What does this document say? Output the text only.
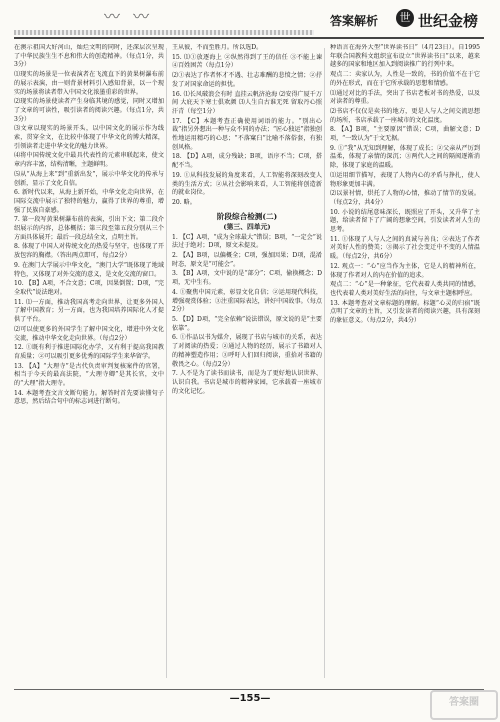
〰 〰	答案解析	世 世纪金榜

在澳示祖国大好河山，灿烂文明的同时，还深层次呈现了中华民族生生不息和伟大的创造精神。（每点1分，共3分）

⑴现实的场景是一位表演者在飞流直下的黄果树瀑布前的展示表演，由一则背景材料引入感知背景，以一个现实的场景将读者带入中国文化浓墨重彩的世界。

⑵现实的场景使读者产生身临其境的感觉，同时又增加了文章的可读性，吸引读者的阅读兴趣。（每点1分，共3分）

⑶文章以现实的场景开头，以中国文化的展示作为线索，贯穿全文，在比较中体现了中华文化的博大精深，引领读者走进中华文化的魅力世界。

⑷将中国传统文化中最具代表性的元素串联起来，使文章内容丰富，结构清晰，主题鲜明。

⑸从“从海上来”到“重新出发”，展示中华文化的传承与创新，显示了文化自信。

6. 新时代以来，从海上新开始，中华文化走向世界，在国际交流中展示了独特的魅力，赢得了世界的尊重，增强了民族自豪感。

7. 第一段写黄果树瀑布前的表演，引出下文；第二段介绍展示的内容，总体概括；第三段至第五段分别从三个方面具体展开；最后一段总结全文，点明主旨。

8. 体现了中国人对传统文化的热爱与坚守，也体现了开放包容的胸襟。（答出两点即可，每点2分）

9. 在澳门大学展示中华文化，“澳门大学”既体现了地域特色，又体现了对外交流的意义，是文化交流的窗口。

10. 【B】A项，不合文意；C项，因果倒置；D项，“完全取代”说法绝对。

11. ⑴一方面，推动我国高考走向世界，让更多外国人了解中国教育；另一方面，也为我国培养国际化人才提供了平台。

⑵可以使更多的外国学生了解中国文化，增进中外文化交流，推动中华文化走向世界。（每点2分）

12. ①既有利于推进国际化办学，又有利于提高我国教育质量；②可以吸引更多优秀的国际学生来华留学。

13. 【A】“大理寺”是古代负责审判复核案件的官署，相当于今天的最高法院，“大理寺卿”是其长官，文中的“大理”指大理寺。

14. 本题考查文言文断句能力。解答时首先要读懂句子意思，然后结合句中的标志词进行断句。

王从彼，不而至胜月。所以选D。

15. ⑴①放逐海上 ②纵然得到了王的信任 ③不能上谏 ④百姓困苦（每点1分）

⑵①表达了作者怀才不遇、壮志难酬的悲愤之情；②抒发了对国家命运的担忧。

16. ⑴长风破浪会有时 直挂云帆济沧海 ⑵安得广厦千万间 大庇天下寒士俱欢颜 ⑶人生自古谁无死 留取丹心照汗青（每空1分）

17. 【C】本题考查正确使用词语的能力。“别出心裁”指另外想出一种与众不同的办法；“匠心独运”指独创性地运用精巧的心思；“不落窠臼”比喻不落俗套，有独创风格。

18. 【D】A项，成分残缺；B项，语序不当；C项，搭配不当。

19. ①从科技发展的角度来看，人工智能将深刻改变人类的生活方式；②从社会影响来看，人工智能将创造新的就业岗位。

20. 略。

阶段综合检测(二)
(第三、四单元)

1. 【C】A项，“成为全球最大”错误；B项，“一定会”说法过于绝对；D项，原文未提及。

2. 【A】B项，以偏概全；C项，强加因果；D项，混淆时态，原文是“可能会”。

3. 【B】A项，文中说的是“部分”；C项，偷换概念；D项，无中生有。

4. ①聚焦中国元素，彰显文化自信；②运用现代科技，增强观赏体验；③注重国际表达，讲好中国故事。（每点2分）

5. 【D】D项，“完全依赖”说法错误，原文说的是“主要依靠”。

6. ①作品以书为媒介，展现了书店与城市的关系，表达了对阅读的热爱；②通过人物的经历，展示了书籍对人的精神塑造作用；③呼吁人们回归阅读，重拾对书籍的敬畏之心。（每点2分）

7. 人不是为了读书而读书，而是为了更好地认识世界、认识自我。书店是城市的精神家园，它承载着一座城市的文化记忆。

种语言在海外大型“世界读书日”（4月23日）。自1995年联合国教科文组织宣布设立“世界读书日”以来，越来越多的国家和地区加入到阅读推广的行列中来。

观点二：卖家认为，人性是一致的，书的价值不在于它的外在形式，而在于它所承载的思想和情感。

⑴通过对比的手法，突出了书店老板对书的热爱，以及对读者的尊重。

⑵书店不仅仅是卖书的地方，更是人与人之间交流思想的场所，书店承载了一座城市的文化温度。

8. 【A】B项，“主要原因”错误；C项，曲解文意；D项，“一致认为”于文无据。

9. ①“我”从无知到理解，体现了成长；②父亲从严厉到温柔，体现了亲情的深沉；③两代人之间的隔阂逐渐消除，体现了家庭的温暖。

⑴运用细节描写，表现了人物内心的矛盾与挣扎，使人物形象更加丰满。

⑵以景衬情，烘托了人物的心情，推动了情节的发展。（每点2分，共4分）

10. 小说的结尾意味深长，既照应了开头，又升华了主题，给读者留下了广阔的想象空间，引发读者对人生的思考。

11. ①体现了人与人之间的真诚与善良；②表达了作者对美好人性的赞美；③揭示了社会变迁中不变的人情温暖。（每点2分，共6分）

12. 观点一：“心”应当作为主体，它是人的精神所在，体现了作者对人的内在价值的追求。

观点二：“心”是一种象征，它代表着人类共同的情感，也代表着人类对美好生活的向往，与文章主题相呼应。

13. 本题考查对文章标题的理解。标题“心灵的归宿”既点明了文章的主旨，又引发读者的阅读兴趣，具有深刻的象征意义。（每点2分，共4分）

—155—	答案圈
